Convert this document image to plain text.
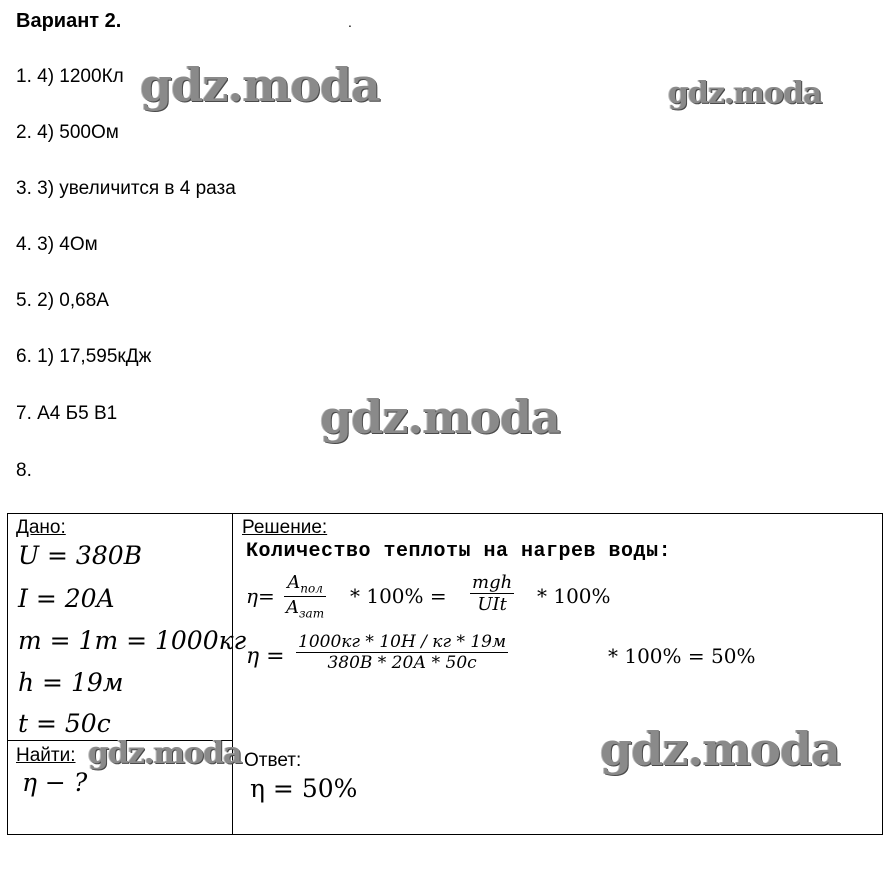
Вариант 2.	.
1. 4) 1200Кл
2. 4) 500Ом
3. 3) увеличится в 4 раза
4. 3) 4Ом
5. 2) 0,68А
6. 1) 17,595кДж
7. А4 Б5 В1
8.
gdz.moda	gdz.moda
gdz.moda
Дано:
U = 380B
I = 20A
m = 1m = 1000кг
h = 19м
t = 50c
Найти:
η − ?
gdz.moda
Решение:
Количество теплоты на нагрев воды:
η=
$A_{пол}$
$A_{зат}$
* 100% =
mgh
UIt	* 100%
η =
1000кг * 10Н / кг * 19м
380В * 20А * 50с	* 100% = 50%
gdz.moda
Ответ:
η = 50%
